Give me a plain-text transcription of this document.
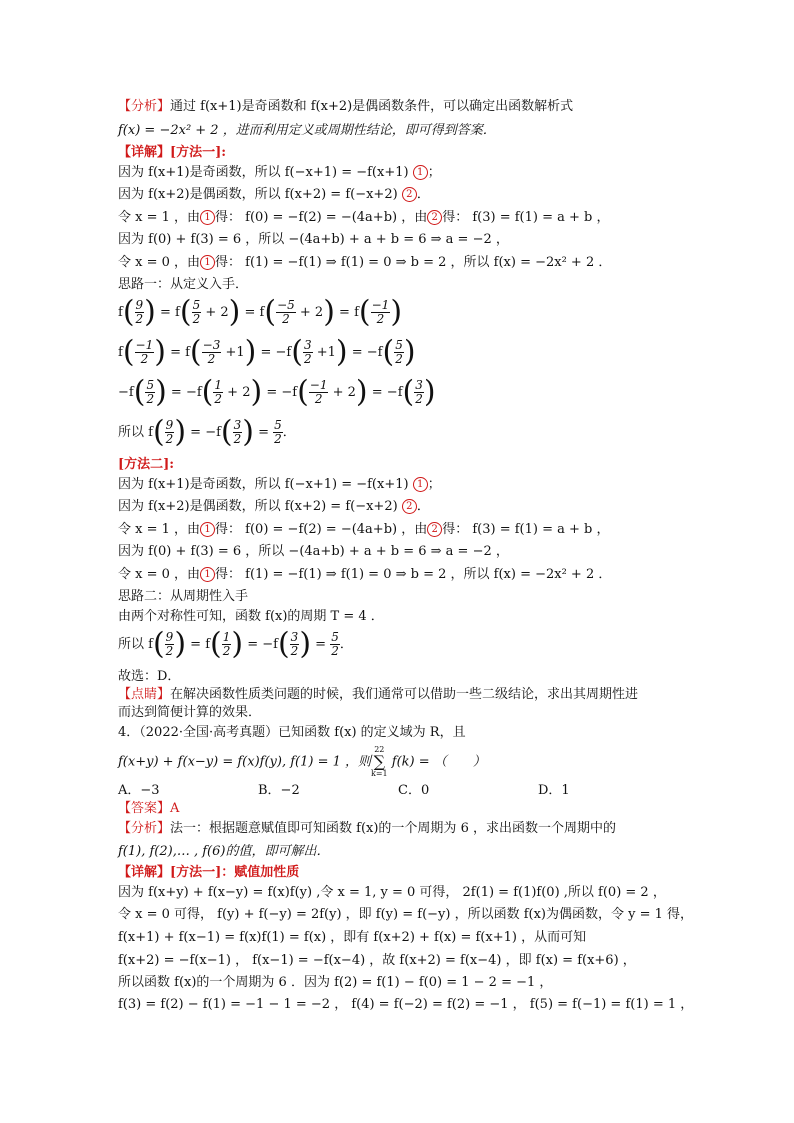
【分析】通过 f(x+1)是奇函数和 f(x+2)是偶函数条件，可以确定出函数解析式
f(x) = −2x² + 2 ，进而利用定义或周期性结论，即可得到答案．
【详解】[方法一]:
因为 f(x+1)是奇函数，所以 f(−x+1) = −f(x+1) 1 ；
因为 f(x+2)是偶函数，所以 f(x+2) = f(−x+2) 2 ．
令 x = 1 ，由 1 得： f(0) = −f(2) = −(4a+b) ，由 2 得： f(3) = f(1) = a + b ，
因为 f(0) + f(3) = 6 ，所以 −(4a+b) + a + b = 6 ⇒ a = −2 ，
令 x = 0 ，由 1 得： f(1) = −f(1) ⇒ f(1) = 0 ⇒ b = 2 ，所以 f(x) = −2x² + 2 ．
思路一：从定义入手．
$f( \frac{9}{2}$ ) = $f( \frac{5}{2} + 2) = f( \frac{-5}{2} + 2) = f( \frac{-1}{2}$ )
$f( \frac{-1}{2}$ ) = $f( \frac{-3}{2} +1) = -f( \frac{3}{2} +1) = -f( \frac{5}{2}$ )
$-f( \frac{5}{2}$ ) = $-f( \frac{1}{2} + 2) = -f( \frac{-1}{2} + 2) = -f( \frac{3}{2}$ )
所以 $f( \frac{9}{2}$ ) = $-f( \frac{3}{2}$ ) = $\frac{5}{2}$ ．
[方法二]:
因为 f(x+1)是奇函数，所以 f(−x+1) = −f(x+1) 1 ；
因为 f(x+2)是偶函数，所以 f(x+2) = f(−x+2) 2 ．
令 x = 1 ，由 1 得： f(0) = −f(2) = −(4a+b) ，由 2 得： f(3) = f(1) = a + b ，
因为 f(0) + f(3) = 6 ，所以 −(4a+b) + a + b = 6 ⇒ a = −2 ，
令 x = 0 ，由 1 得： f(1) = −f(1) ⇒ f(1) = 0 ⇒ b = 2 ，所以 f(x) = −2x² + 2 ．
思路二：从周期性入手
由两个对称性可知，函数 f(x)的周期 T = 4 ．
所以 $f( \frac{9}{2}$ ) = $f( \frac{1}{2}$ ) = $-f( \frac{3}{2}$ ) = $\frac{5}{2}$ ．
故选：D．
【点睛】在解决函数性质类问题的时候，我们通常可以借助一些二级结论，求出其周期性进
而达到简便计算的效果．
4．（2022·全国·高考真题）已知函数 f(x) 的定义域为 R，且
f(x+y) + f(x−y) = f(x)f(y), f(1) = 1 ，则22
∑
k=1 f(k) = （　　）
A．−3	B．−2	C．0	D．1
【答案】A
【分析】法一：根据题意赋值即可知函数 f(x)的一个周期为 6 ，求出函数一个周期中的
f(1), f(2),… , f(6)的值，即可解出．
【详解】[方法一]：赋值加性质
因为 f(x+y) + f(x−y) = f(x)f(y) ,令 x = 1, y = 0 可得， 2f(1) = f(1)f(0) ,所以 f(0) = 2 ，
令 x = 0 可得， f(y) + f(−y) = 2f(y) ，即 f(y) = f(−y) ，所以函数 f(x)为偶函数，令 y = 1 得，
f(x+1) + f(x−1) = f(x)f(1) = f(x) ，即有 f(x+2) + f(x) = f(x+1) ，从而可知
f(x+2) = −f(x−1) ， f(x−1) = −f(x−4) ，故 f(x+2) = f(x−4) ，即 f(x) = f(x+6) ，
所以函数 f(x)的一个周期为 6 ．因为 f(2) = f(1) − f(0) = 1 − 2 = −1 ，
f(3) = f(2) − f(1) = −1 − 1 = −2 ， f(4) = f(−2) = f(2) = −1 ， f(5) = f(−1) = f(1) = 1 ，
